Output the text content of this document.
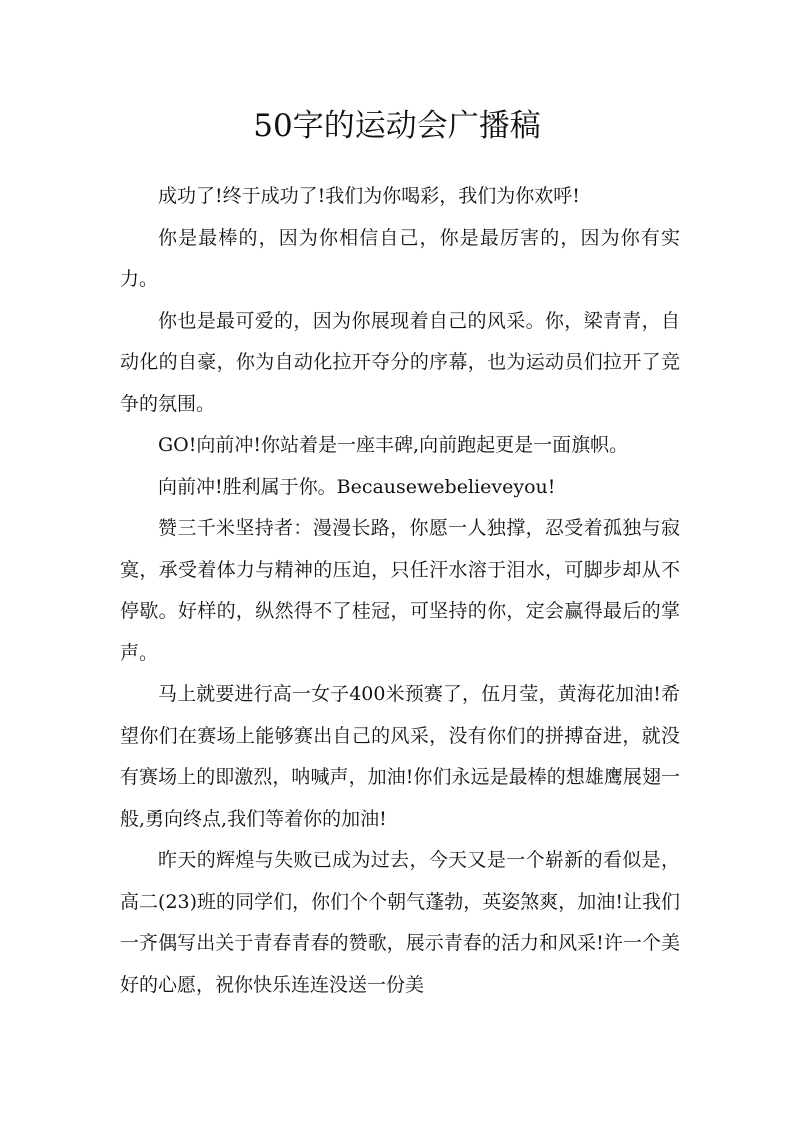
50字的运动会广播稿

成功了!终于成功了!我们为你喝彩，我们为你欢呼!

你是最棒的，因为你相信自己，你是最厉害的，因为你有实力。

你也是最可爱的，因为你展现着自己的风采。你，梁青青，自动化的自豪，你为自动化拉开夺分的序幕，也为运动员们拉开了竞争的氛围。

GO!向前冲!你站着是一座丰碑,向前跑起更是一面旗帜。

向前冲!胜利属于你。Becausewebelieveyou!

赞三千米坚持者：漫漫长路，你愿一人独撑，忍受着孤独与寂寞，承受着体力与精神的压迫，只任汗水溶于泪水，可脚步却从不停歇。好样的，纵然得不了桂冠，可坚持的你，定会赢得最后的掌声。

马上就要进行高一女子400米预赛了，伍月莹，黄海花加油!希望你们在赛场上能够赛出自己的风采，没有你们的拼搏奋进，就没有赛场上的即激烈，呐喊声，加油!你们永远是最棒的想雄鹰展翅一般,勇向终点,我们等着你的加油!

昨天的辉煌与失败已成为过去，今天又是一个崭新的看似是，高二(23)班的同学们，你们个个朝气蓬勃，英姿煞爽，加油!让我们一齐偶写出关于青春青春的赞歌，展示青春的活力和风采!许一个美好的心愿，祝你快乐连连没送一份美
